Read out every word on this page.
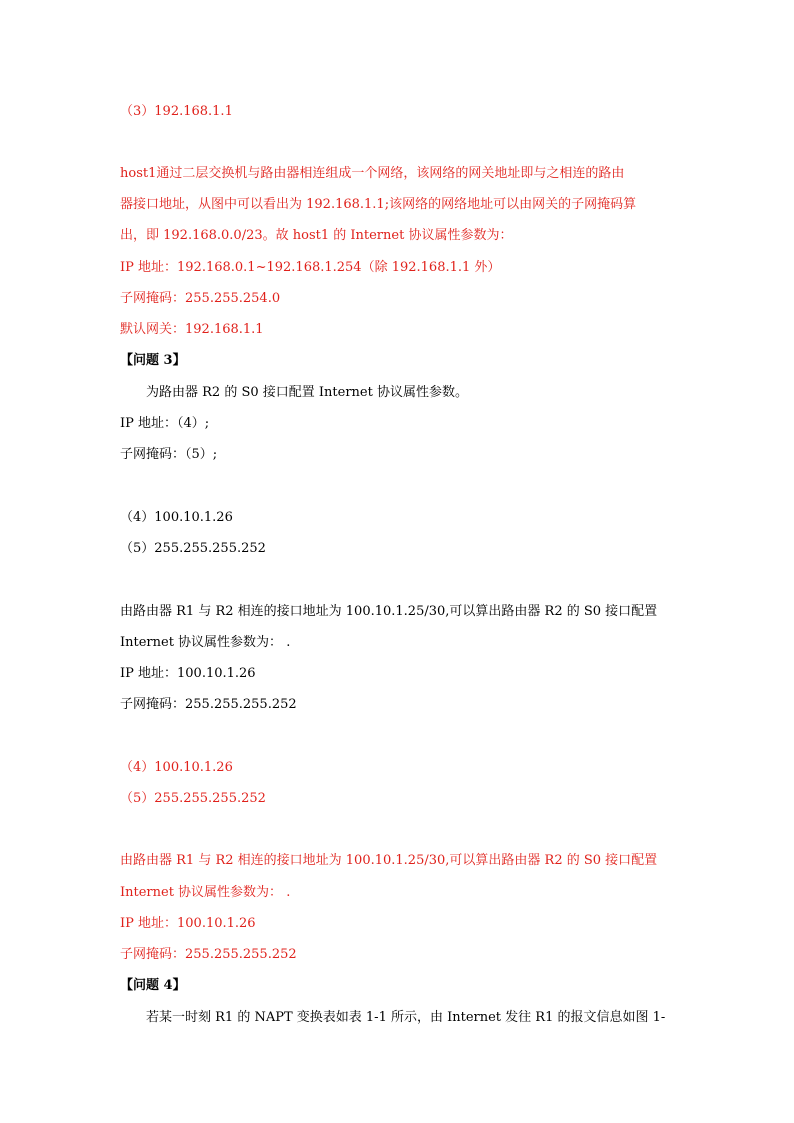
（3）192.168.1.1
host1通过二层交换机与路由器相连组成一个网络，该网络的网关地址即与之相连的路由
器接口地址，从图中可以看出为 192.168.1.1;该网络的网络地址可以由网关的子网掩码算
出，即 192.168.0.0/23。故 host1 的 Internet 协议属性参数为：
IP 地址：192.168.0.1~192.168.1.254（除 192.168.1.1 外）
子网掩码：255.255.254.0
默认网关：192.168.1.1
【问题 3】
为路由器 R2 的 S0 接口配置 Internet 协议属性参数。
IP 地址：（4）;
子网掩码：（5）;
（4）100.10.1.26
（5）255.255.255.252
由路由器 R1 与 R2 相连的接口地址为 100.10.1.25/30,可以算出路由器 R2 的 S0 接口配置
Internet 协议属性参数为： .
IP 地址：100.10.1.26
子网掩码：255.255.255.252
（4）100.10.1.26
（5）255.255.255.252
由路由器 R1 与 R2 相连的接口地址为 100.10.1.25/30,可以算出路由器 R2 的 S0 接口配置
Internet 协议属性参数为： .
IP 地址：100.10.1.26
子网掩码：255.255.255.252
【问题 4】
若某一时刻 R1 的 NAPT 变换表如表 1-1 所示，由 Internet 发往 R1 的报文信息如图 1-
